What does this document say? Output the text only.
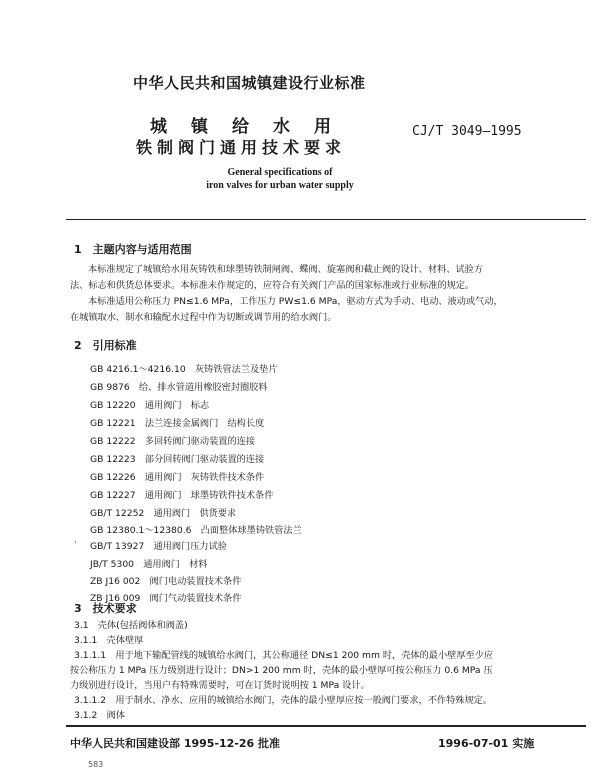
中华人民共和国城镇建设行业标准
城镇给水用
铁制阀门通用技术要求
CJ/T 3049—1995
General specifications of
iron valves for urban water supply
1　主题内容与适用范围
本标准规定了城镇给水用灰铸铁和球墨铸铁制闸阀、蝶阀、旋塞阀和截止阀的设计、材料、试验方
法、标志和供货总体要求。本标准未作规定的，应符合有关阀门产品的国家标准或行业标准的规定。
本标准适用公称压力 PN≤1.6 MPa，工作压力 PW≤1.6 MPa，驱动方式为手动、电动、液动或气动，
在城镇取水、制水和输配水过程中作为切断或调节用的给水阀门。
2　引用标准
GB 4216.1～4216.10　灰铸铁管法兰及垫片
GB 9876　给、排水管道用橡胶密封圈胶料
GB 12220　通用阀门　标志
GB 12221　法兰连接金属阀门　结构长度
GB 12222　多回转阀门驱动装置的连接
GB 12223　部分回转阀门驱动装置的连接
GB 12226　通用阀门　灰铸铁件技术条件
GB 12227　通用阀门　球墨铸铁件技术条件
GB/T 12252　通用阀门　供货要求
GB 12380.1～12380.6　凸面整体球墨铸铁管法兰
· GB/T 13927　通用阀门压力试验
JB/T 5300　通用阀门　材料
ZB J16 002　阀门电动装置技术条件
ZB J16 009　阀门气动装置技术条件
3　技术要求
3.1　壳体(包括阀体和阀盖)
3.1.1　壳体壁厚
3.1.1.1　用于地下输配管线的城镇给水阀门，其公称通径 DN≤1 200 mm 时，壳体的最小壁厚至少应
按公称压力 1 MPa 压力级别进行设计；DN>1 200 mm 时，壳体的最小壁厚可按公称压力 0.6 MPa 压
力级别进行设计，当用户有特殊需要时，可在订货时说明按 1 MPa 设计。
3.1.1.2　用于制水、净水、应用的城镇给水阀门，壳体的最小壁厚应按一般阀门要求，不作特殊规定。
3.1.2　阀体
中华人民共和国建设部 1995-12-26 批准	1996-07-01 实施
583
